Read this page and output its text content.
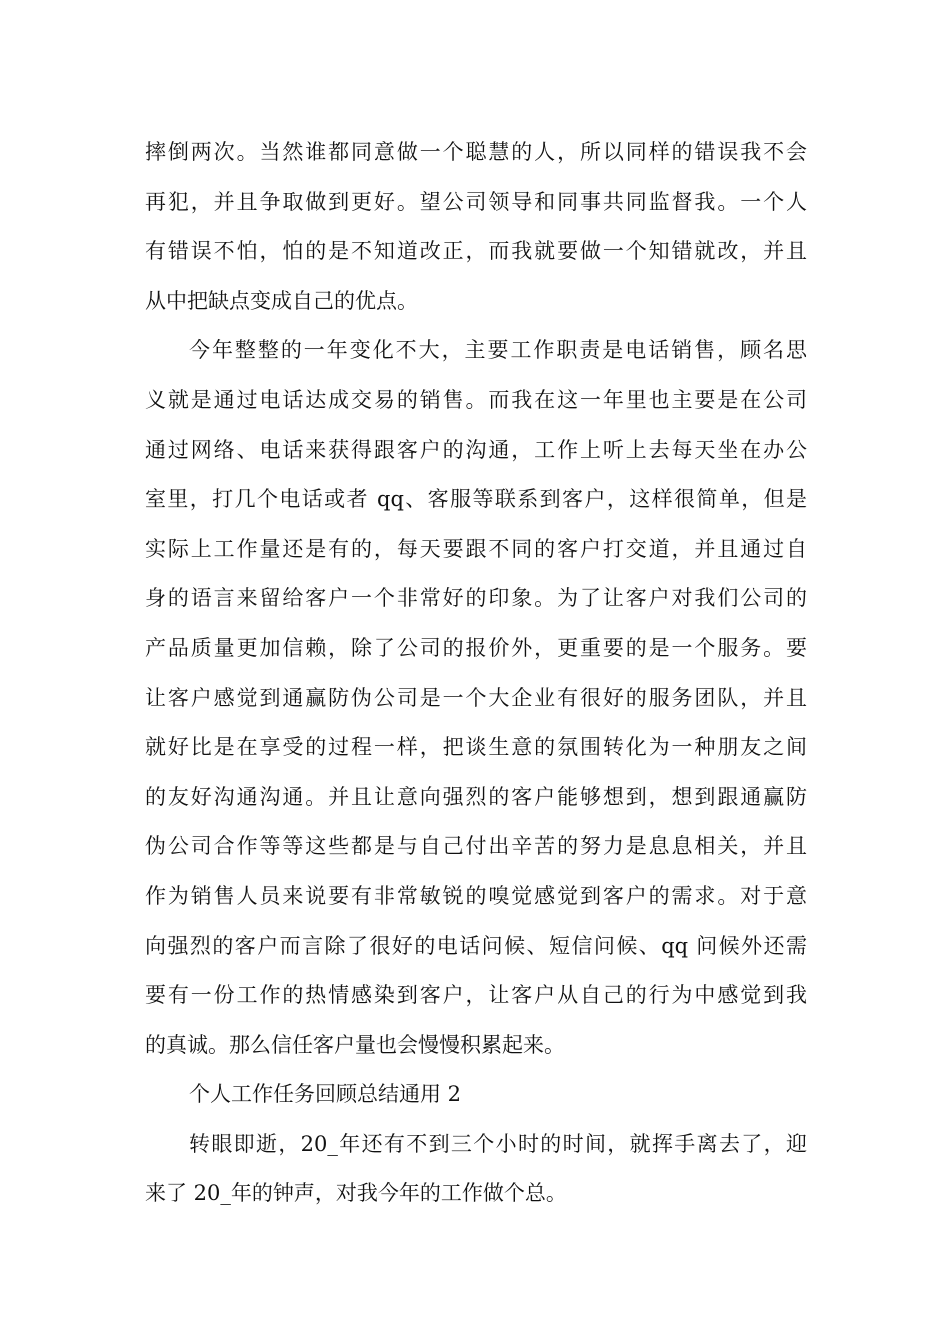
摔倒两次。当然谁都同意做一个聪慧的人，所以同样的错误我不会
再犯，并且争取做到更好。望公司领导和同事共同监督我。一个人
有错误不怕，怕的是不知道改正，而我就要做一个知错就改，并且
从中把缺点变成自己的优点。
今年整整的一年变化不大，主要工作职责是电话销售，顾名思
义就是通过电话达成交易的销售。而我在这一年里也主要是在公司
通过网络、电话来获得跟客户的沟通，工作上听上去每天坐在办公
室里，打几个电话或者 qq、客服等联系到客户，这样很简单，但是
实际上工作量还是有的，每天要跟不同的客户打交道，并且通过自
身的语言来留给客户一个非常好的印象。为了让客户对我们公司的
产品质量更加信赖，除了公司的报价外，更重要的是一个服务。要
让客户感觉到通赢防伪公司是一个大企业有很好的服务团队，并且
就好比是在享受的过程一样，把谈生意的氛围转化为一种朋友之间
的友好沟通沟通。并且让意向强烈的客户能够想到，想到跟通赢防
伪公司合作等等这些都是与自己付出辛苦的努力是息息相关，并且
作为销售人员来说要有非常敏锐的嗅觉感觉到客户的需求。对于意
向强烈的客户而言除了很好的电话问候、短信问候、qq 问候外还需
要有一份工作的热情感染到客户，让客户从自己的行为中感觉到我
的真诚。那么信任客户量也会慢慢积累起来。
个人工作任务回顾总结通用 2
转眼即逝，20_年还有不到三个小时的时间，就挥手离去了，迎
来了 20_年的钟声，对我今年的工作做个总。
